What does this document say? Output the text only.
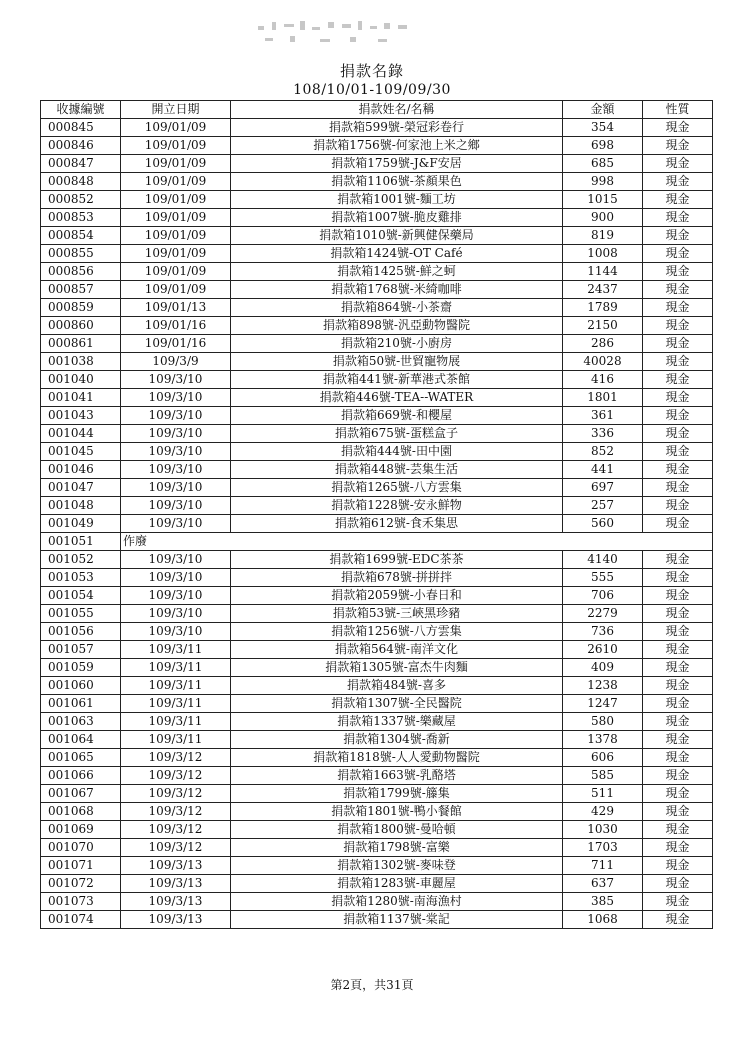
捐款名錄
108/10/01-109/09/30
收據編號	開立日期	捐款姓名/名稱	金額	性質
000845	109/01/09	捐款箱599號-榮冠彩卷行	354	現金
000846	109/01/09	捐款箱1756號-何家池上米之鄉	698	現金
000847	109/01/09	捐款箱1759號-J&F安居	685	現金
000848	109/01/09	捐款箱1106號-茶顏果色	998	現金
000852	109/01/09	捐款箱1001號-麵工坊	1015	現金
000853	109/01/09	捐款箱1007號-脆皮雞排	900	現金
000854	109/01/09	捐款箱1010號-新興健保藥局	819	現金
000855	109/01/09	捐款箱1424號-OT Café	1008	現金
000856	109/01/09	捐款箱1425號-鮮之蚵	1144	現金
000857	109/01/09	捐款箱1768號-米綺咖啡	2437	現金
000859	109/01/13	捐款箱864號-小茶齋	1789	現金
000860	109/01/16	捐款箱898號-汎亞動物醫院	2150	現金
000861	109/01/16	捐款箱210號-小廚房	286	現金
001038	109/3/9	捐款箱50號-世貿寵物展	40028	現金
001040	109/3/10	捐款箱441號-新華港式茶館	416	現金
001041	109/3/10	捐款箱446號-TEA--WATER	1801	現金
001043	109/3/10	捐款箱669號-和櫻屋	361	現金
001044	109/3/10	捐款箱675號-蛋糕盒子	336	現金
001045	109/3/10	捐款箱444號-田中園	852	現金
001046	109/3/10	捐款箱448號-芸集生活	441	現金
001047	109/3/10	捐款箱1265號-八方雲集	697	現金
001048	109/3/10	捐款箱1228號-安永鮮物	257	現金
001049	109/3/10	捐款箱612號-食禾集思	560	現金
001051	作廢			
001052	109/3/10	捐款箱1699號-EDC茶茶	4140	現金
001053	109/3/10	捐款箱678號-拼拼拌	555	現金
001054	109/3/10	捐款箱2059號-小春日和	706	現金
001055	109/3/10	捐款箱53號-三峽黑珍豬	2279	現金
001056	109/3/10	捐款箱1256號-八方雲集	736	現金
001057	109/3/11	捐款箱564號-南洋文化	2610	現金
001059	109/3/11	捐款箱1305號-富杰牛肉麵	409	現金
001060	109/3/11	捐款箱484號-喜多	1238	現金
001061	109/3/11	捐款箱1307號-全民醫院	1247	現金
001063	109/3/11	捐款箱1337號-樂藏屋	580	現金
001064	109/3/11	捐款箱1304號-喬新	1378	現金
001065	109/3/12	捐款箱1818號-人人愛動物醫院	606	現金
001066	109/3/12	捐款箱1663號-乳酪塔	585	現金
001067	109/3/12	捐款箱1799號-籐集	511	現金
001068	109/3/12	捐款箱1801號-鴨小餐館	429	現金
001069	109/3/12	捐款箱1800號-曼哈頓	1030	現金
001070	109/3/12	捐款箱1798號-富樂	1703	現金
001071	109/3/13	捐款箱1302號-麥味登	711	現金
001072	109/3/13	捐款箱1283號-車麗屋	637	現金
001073	109/3/13	捐款箱1280號-南海漁村	385	現金
001074	109/3/13	捐款箱1137號-棠記	1068	現金
第2頁，共31頁
